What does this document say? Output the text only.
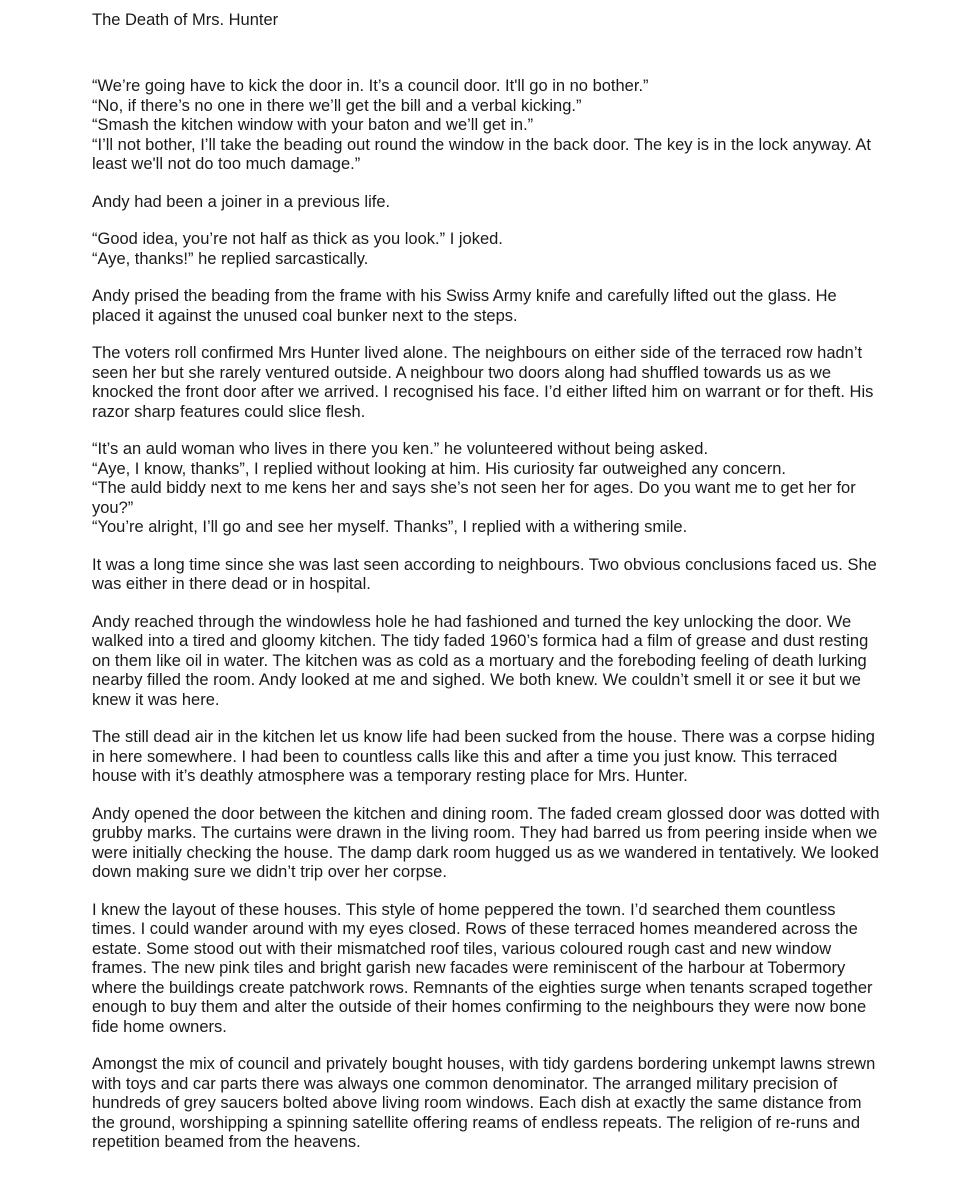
The Death of Mrs. Hunter

“We’re going have to kick the door in. It’s a council door. It'll go in no bother.”
“No, if there’s no one in there we’ll get the bill and a verbal kicking.”
“Smash the kitchen window with your baton and we’ll get in.”
“I’ll not bother, I’ll take the beading out round the window in the back door. The key is in the lock anyway. At least we'll not do too much damage.”

Andy had been a joiner in a previous life.

“Good idea, you’re not half as thick as you look.” I joked.
“Aye, thanks!” he replied sarcastically.

Andy prised the beading from the frame with his Swiss Army knife and carefully lifted out the glass. He placed it against the unused coal bunker next to the steps.

The voters roll confirmed Mrs Hunter lived alone. The neighbours on either side of the terraced row hadn’t seen her but she rarely ventured outside. A neighbour two doors along had shuffled towards us as we knocked the front door after we arrived. I recognised his face. I’d either lifted him on warrant or for theft. His razor sharp features could slice flesh.

“It’s an auld woman who lives in there you ken.” he volunteered without being asked.
“Aye, I know, thanks”, I replied without looking at him. His curiosity far outweighed any concern.
“The auld biddy next to me kens her and says she’s not seen her for ages. Do you want me to get her for you?”
“You’re alright, I’ll go and see her myself. Thanks”, I replied with a withering smile.

It was a long time since she was last seen according to neighbours. Two obvious conclusions faced us. She was either in there dead or in hospital.

Andy reached through the windowless hole he had fashioned and turned the key unlocking the door. We walked into a tired and gloomy kitchen. The tidy faded 1960’s formica had a film of grease and dust resting on them like oil in water. The kitchen was as cold as a mortuary and the foreboding feeling of death lurking nearby filled the room. Andy looked at me and sighed. We both knew. We couldn’t smell it or see it but we knew it was here.

The still dead air in the kitchen let us know life had been sucked from the house. There was a corpse hiding in here somewhere. I had been to countless calls like this and after a time you just know. This terraced house with it’s deathly atmosphere was a temporary resting place for Mrs. Hunter.

Andy opened the door between the kitchen and dining room. The faded cream glossed door was dotted with grubby marks. The curtains were drawn in the living room. They had barred us from peering inside when we were initially checking the house. The damp dark room hugged us as we wandered in tentatively. We looked down making sure we didn’t trip over her corpse.

I knew the layout of these houses. This style of home peppered the town. I’d searched them countless times. I could wander around with my eyes closed. Rows of these terraced homes meandered across the estate. Some stood out with their mismatched roof tiles, various coloured rough cast and new window frames. The new pink tiles and bright garish new facades were reminiscent of the harbour at Tobermory where the buildings create patchwork rows. Remnants of the eighties surge when tenants scraped together enough to buy them and alter the outside of their homes confirming to the neighbours they were now bone fide home owners.

Amongst the mix of council and privately bought houses, with tidy gardens bordering unkempt lawns strewn with toys and car parts there was always one common denominator. The arranged military precision of hundreds of grey saucers bolted above living room windows. Each dish at exactly the same distance from the ground, worshipping a spinning satellite offering reams of endless repeats. The religion of re-runs and repetition beamed from the heavens.
